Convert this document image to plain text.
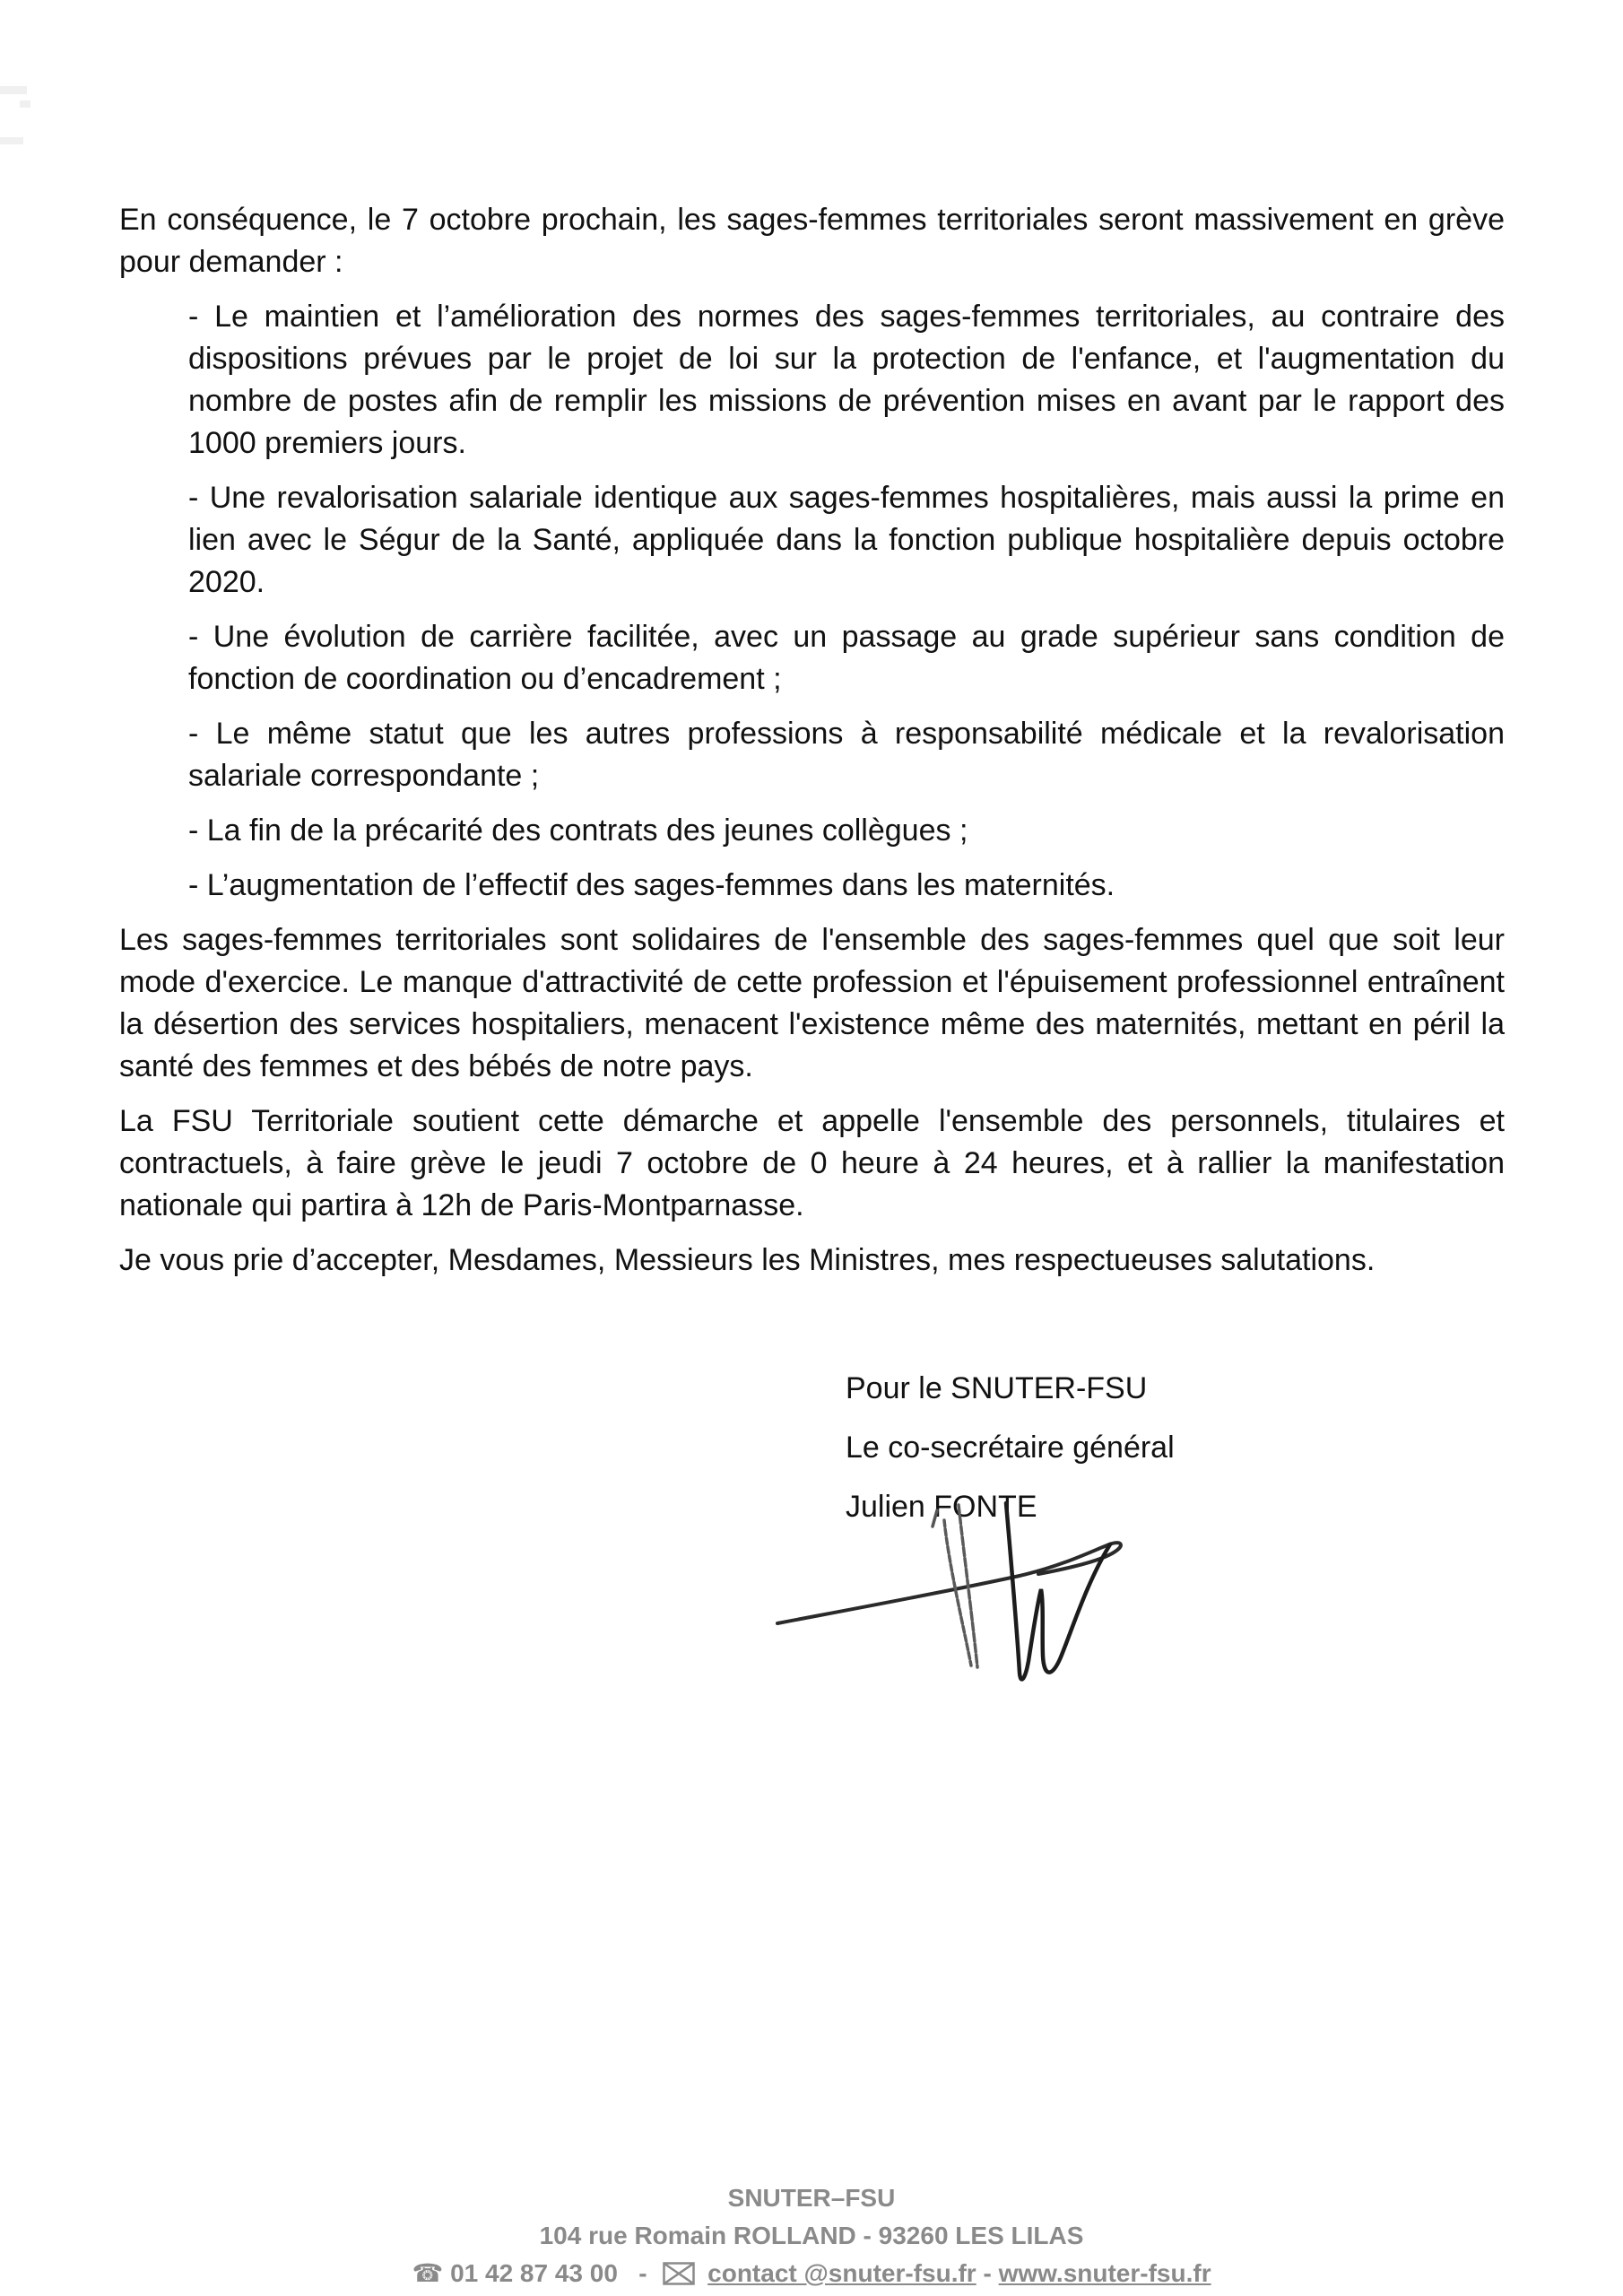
En conséquence, le 7 octobre prochain, les sages-femmes territoriales seront massivement en grève pour demander :

- Le maintien et l’amélioration des normes des sages-femmes territoriales, au contraire des dispositions prévues par le projet de loi sur la protection de l'enfance, et l'augmentation du nombre de postes afin de remplir les missions de prévention mises en avant par le rapport des 1000 premiers jours.

- Une revalorisation salariale identique aux sages-femmes hospitalières, mais aussi la prime en lien avec le Ségur de la Santé, appliquée dans la fonction publique hospitalière depuis octobre 2020.

- Une évolution de carrière facilitée, avec un passage au grade supérieur sans condition de fonction de coordination ou d’encadrement ;

- Le même statut que les autres professions à responsabilité médicale et la revalorisation salariale correspondante ;

- La fin de la précarité des contrats des jeunes collègues ;

- L’augmentation de l’effectif des sages-femmes dans les maternités.

Les sages-femmes territoriales sont solidaires de l'ensemble des sages-femmes quel que soit leur mode d'exercice. Le manque d'attractivité de cette profession et l'épuisement professionnel entraînent la désertion des services hospitaliers, menacent l'existence même des maternités, mettant en péril la santé des femmes et des bébés de notre pays.

La FSU Territoriale soutient cette démarche et appelle l'ensemble des personnels, titulaires et contractuels, à faire grève le jeudi 7 octobre de 0 heure à 24 heures, et à rallier la manifestation nationale qui partira à 12h de Paris-Montparnasse.

Je vous prie d’accepter, Mesdames, Messieurs les Ministres, mes respectueuses salutations.

Pour le SNUTER-FSU

Le co-secrétaire général

Julien FONTE

SNUTER–FSU
104 rue Romain ROLLAND - 93260 LES LILAS
☎ 01 42 87 43 00   - contact @snuter-fsu.fr - www.snuter-fsu.fr
